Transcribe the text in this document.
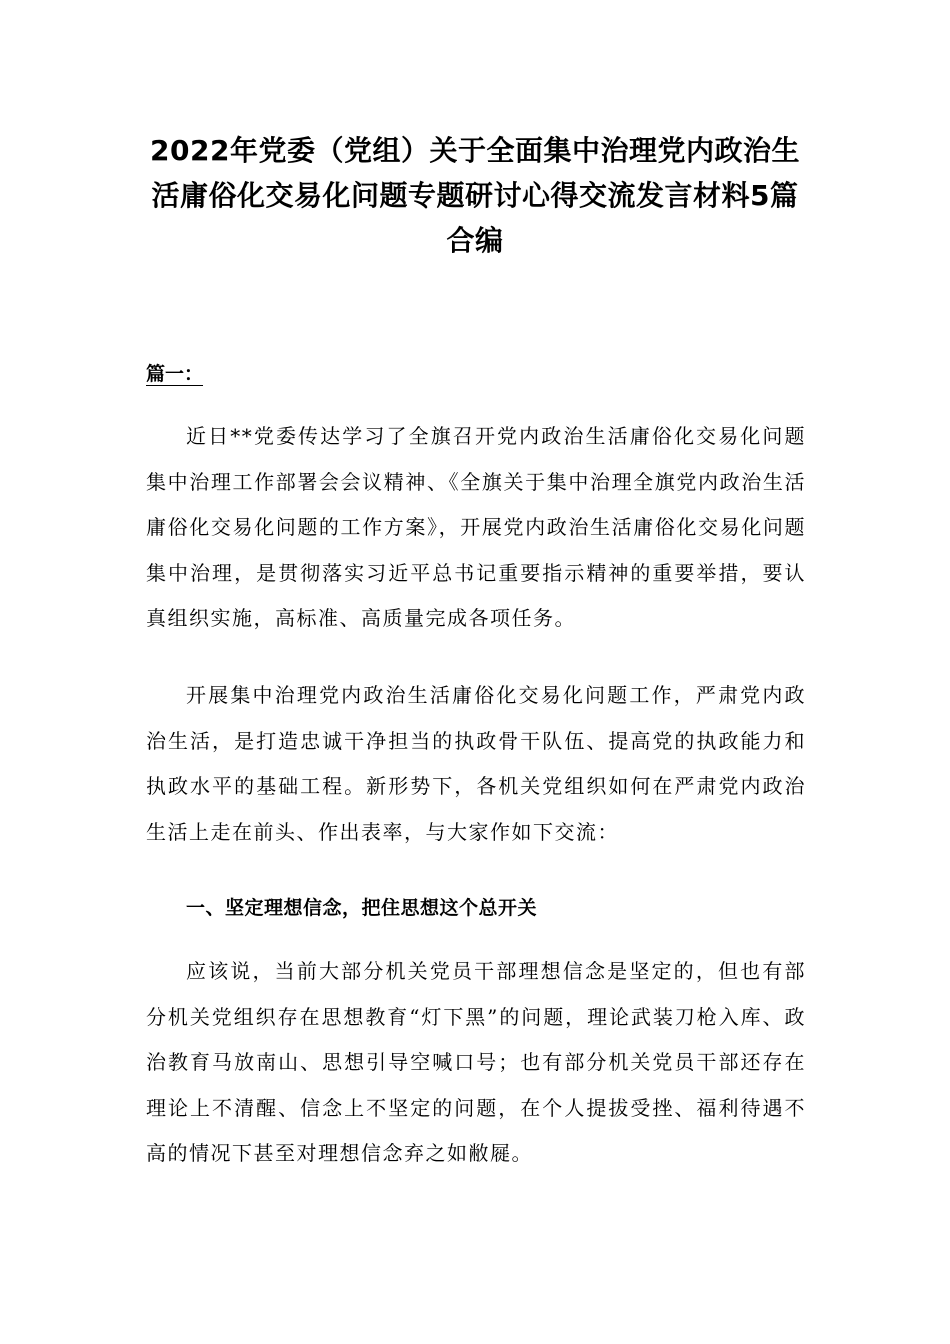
2022年党委（党组）关于全面集中治理党内政治生活庸俗化交易化问题专题研讨心得交流发言材料5篇合编

篇一：

近日**党委传达学习了全旗召开党内政治生活庸俗化交易化问题集中治理工作部署会会议精神、《全旗关于集中治理全旗党内政治生活庸俗化交易化问题的工作方案》，开展党内政治生活庸俗化交易化问题集中治理，是贯彻落实习近平总书记重要指示精神的重要举措，要认真组织实施，高标准、高质量完成各项任务。

开展集中治理党内政治生活庸俗化交易化问题工作，严肃党内政治生活，是打造忠诚干净担当的执政骨干队伍、提高党的执政能力和执政水平的基础工程。新形势下，各机关党组织如何在严肃党内政治生活上走在前头、作出表率，与大家作如下交流：

一、坚定理想信念，把住思想这个总开关

应该说，当前大部分机关党员干部理想信念是坚定的，但也有部分机关党组织存在思想教育“灯下黑”的问题，理论武装刀枪入库、政治教育马放南山、思想引导空喊口号；也有部分机关党员干部还存在理论上不清醒、信念上不坚定的问题，在个人提拔受挫、福利待遇不高的情况下甚至对理想信念弃之如敝屣。
